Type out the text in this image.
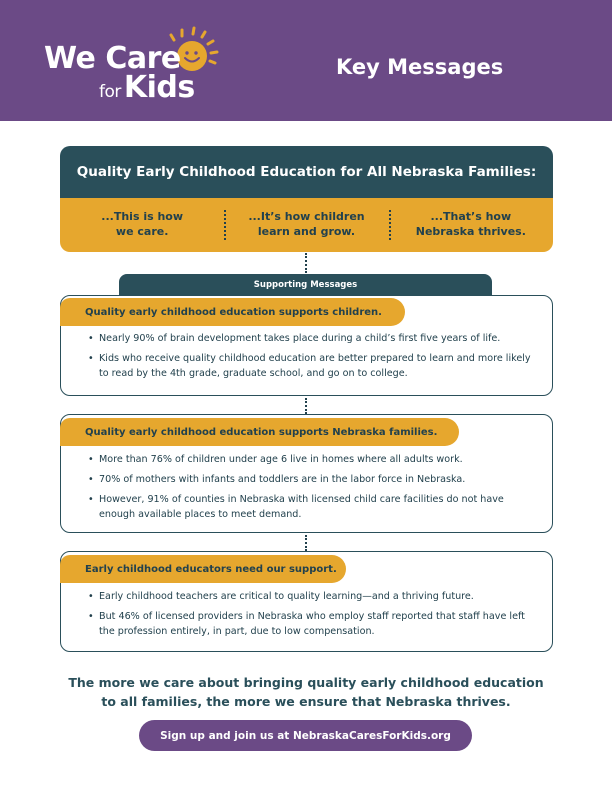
We Care
for Kids
Key Messages
Quality Early Childhood Education for All Nebraska Families:
...This is how
we care.
...It’s how children
learn and grow.
...That’s how
Nebraska thrives.
Supporting Messages
• Nearly 90% of brain development takes place during a child’s first five years of life.
• Kids who receive quality childhood education are better prepared to learn and more likely to read by the 4th grade, graduate school, and go on to college.
Quality early childhood education supports children.
• More than 76% of children under age 6 live in homes where all adults work.
• 70% of mothers with infants and toddlers are in the labor force in Nebraska.
• However, 91% of counties in Nebraska with licensed child care facilities do not have enough available places to meet demand.
Quality early childhood education supports Nebraska families.
• Early childhood teachers are critical to quality learning—and a thriving future.
• But 46% of licensed providers in Nebraska who employ staff reported that staff have left the profession entirely, in part, due to low compensation.
Early childhood educators need our support.
The more we care about bringing quality early childhood education
to all families, the more we ensure that Nebraska thrives.
Sign up and join us at NebraskaCaresForKids.org
